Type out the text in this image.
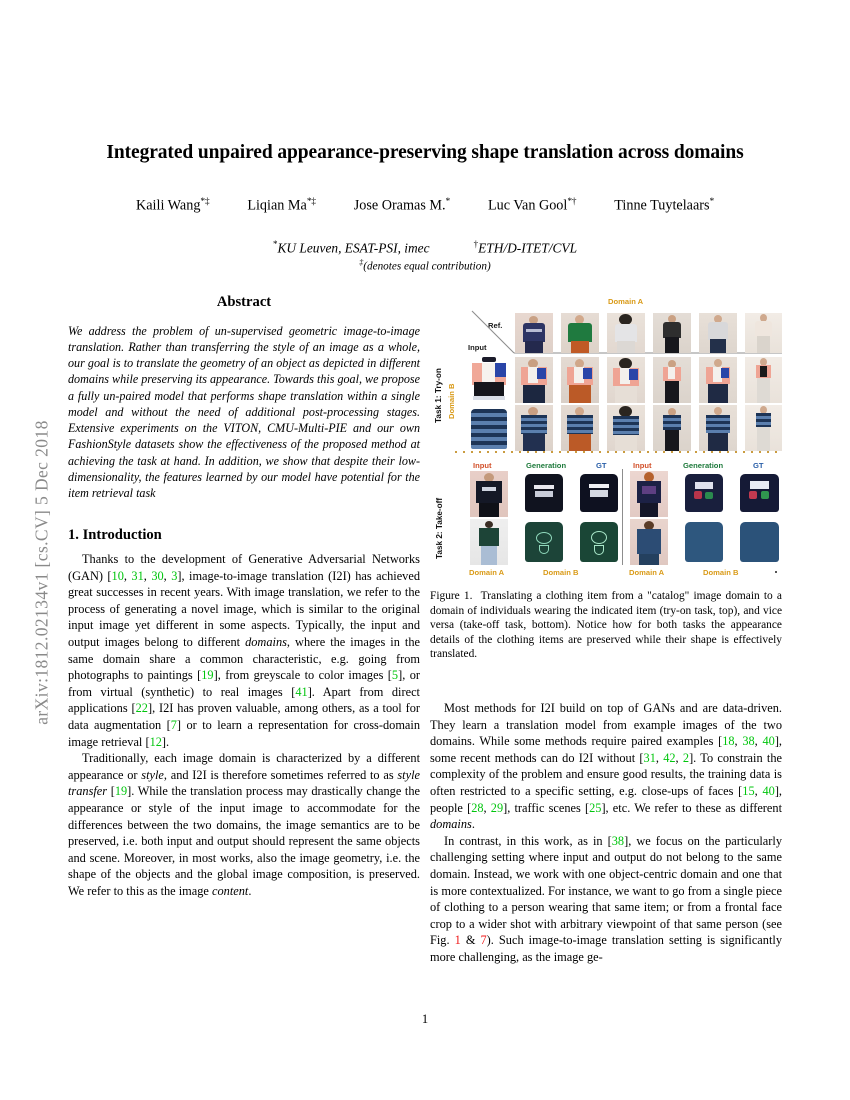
arXiv:1812.02134v1 [cs.CV] 5 Dec 2018
Integrated unpaired appearance-preserving shape translation across domains
Kaili Wang*‡	Liqian Ma*‡	Jose Oramas M.*	Luc Van Gool*†	Tinne Tuytelaars*
*KU Leuven, ESAT-PSI, imec	†ETH/D-ITET/CVL
‡(denotes equal contribution)
Abstract

We address the problem of un-supervised geometric image-to-image translation. Rather than transferring the style of an image as a whole, our goal is to translate the geometry of an object as depicted in different domains while preserving its appearance. Towards this goal, we propose a fully un-paired model that performs shape translation within a single model and without the need of additional post-processing stages. Extensive experiments on the VITON, CMU-Multi-PIE and our own FashionStyle datasets show the effectiveness of the proposed method at achieving the task at hand. In addition, we show that despite their low-dimensionality, the features learned by our model have potential for the item retrieval task

1. Introduction

Thanks to the development of Generative Adversarial Networks (GAN) [10, 31, 30, 3], image-to-image translation (I2I) has achieved great successes in recent years. With image translation, we refer to the process of generating a novel image, which is similar to the original input image yet different in some aspects. Typically, the input and output images belong to different domains, where the images in the same domain share a common characteristic, e.g. going from photographs to paintings [19], from greyscale to color images [5], or from virtual (synthetic) to real images [41]. Apart from direct applications [22], I2I has proven valuable, among others, as a tool for data augmentation [7] or to learn a representation for cross-domain image retrieval [12].

Traditionally, each image domain is characterized by a different appearance or style, and I2I is therefore sometimes referred to as style transfer [19]. While the translation process may drastically change the appearance or style of the input image to accommodate for the differences between the two domains, the image semantics are to be preserved, i.e. both input and output should represent the same objects and scene. Moreover, in most works, also the image geometry, i.e. the shape of the objects and the global image composition, is preserved. We refer to this as the image content.

Task 1: Try-on Domain B
Domain A
Ref.
Input
Task 2: Take-off
Input	Generation	GT	Input	Generation	GT
Domain A	Domain B	Domain A	Domain B
Figure 1. Translating a clothing item from a "catalog" image domain to a domain of individuals wearing the indicated item (try-on task, top), and vice versa (take-off task, bottom). Notice how for both tasks the appearance details of the clothing items are preserved while their shape is effectively translated.

Most methods for I2I build on top of GANs and are data-driven. They learn a translation model from example images of the two domains. While some methods require paired examples [18, 38, 40], some recent methods can do I2I without [31, 42, 2]. To constrain the complexity of the problem and ensure good results, the training data is often restricted to a specific setting, e.g. close-ups of faces [15, 40], people [28, 29], traffic scenes [25], etc. We refer to these as different domains.

In contrast, in this work, as in [38], we focus on the particularly challenging setting where input and output do not belong to the same domain. Instead, we work with one object-centric domain and one that is more contextualized. For instance, we want to go from a single piece of clothing to a person wearing that same item; or from a frontal face crop to a wider shot with arbitrary viewpoint of that same person (see Fig. 1 & 7). Such image-to-image translation setting is significantly more challenging, as the image ge-

1
